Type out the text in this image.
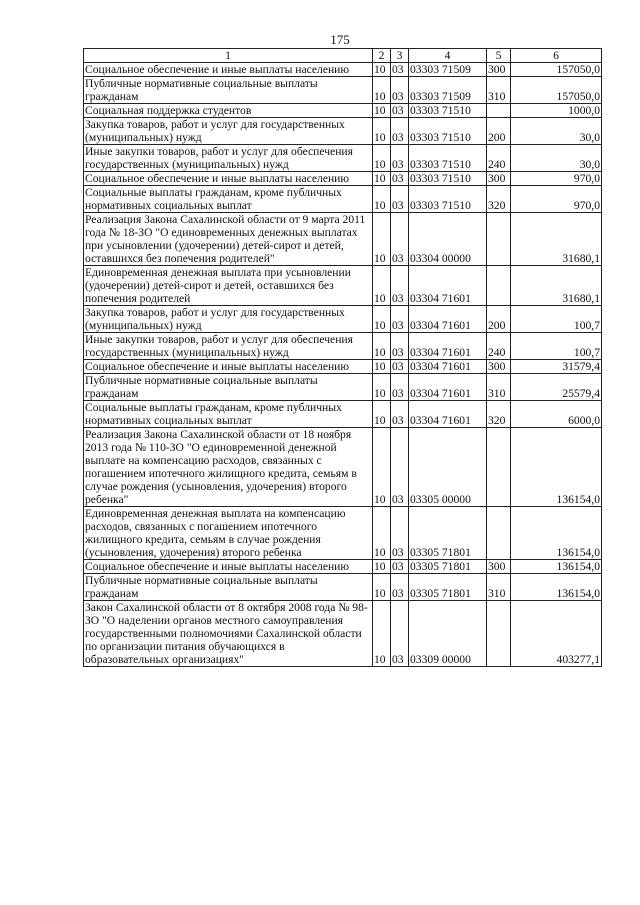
175
1	2	3	4	5	6
Социальное обеспечение и иные выплаты населению	10	03	03303 71509	300	157050,0
Публичные нормативные социальные выплаты гражданам	10	03	03303 71509	310	157050,0
Социальная поддержка студентов	10	03	03303 71510		1000,0
Закупка товаров, работ и услуг для государственных (муниципальных) нужд	10	03	03303 71510	200	30,0
Иные закупки товаров, работ и услуг для обеспечения государственных (муниципальных) нужд	10	03	03303 71510	240	30,0
Социальное обеспечение и иные выплаты населению	10	03	03303 71510	300	970,0
Социальные выплаты гражданам, кроме публичных нормативных социальных выплат	10	03	03303 71510	320	970,0
Реализация Закона Сахалинской области от 9 марта 2011 года № 18-ЗО "О единовременных денежных выплатах при усыновлении (удочерении) детей-сирот и детей, оставшихся без попечения родителей"	10	03	03304 00000		31680,1
Единовременная денежная выплата при усыновлении (удочерении) детей-сирот и детей, оставшихся без попечения родителей	10	03	03304 71601		31680,1
Закупка товаров, работ и услуг для государственных (муниципальных) нужд	10	03	03304 71601	200	100,7
Иные закупки товаров, работ и услуг для обеспечения государственных (муниципальных) нужд	10	03	03304 71601	240	100,7
Социальное обеспечение и иные выплаты населению	10	03	03304 71601	300	31579,4
Публичные нормативные социальные выплаты гражданам	10	03	03304 71601	310	25579,4
Социальные выплаты гражданам, кроме публичных нормативных социальных выплат	10	03	03304 71601	320	6000,0
Реализация Закона Сахалинской области от 18 ноября 2013 года № 110-ЗО "О единовременной денежной выплате на компенсацию расходов, связанных с погашением ипотечного жилищного кредита, семьям в случае рождения (усыновления, удочерения) второго ребенка"	10	03	03305 00000		136154,0
Единовременная денежная выплата на компенсацию расходов, связанных с погашением ипотечного жилищного кредита, семьям в случае рождения (усыновления, удочерения) второго ребенка	10	03	03305 71801		136154,0
Социальное обеспечение и иные выплаты населению	10	03	03305 71801	300	136154,0
Публичные нормативные социальные выплаты гражданам	10	03	03305 71801	310	136154,0
Закон Сахалинской области от 8 октября 2008 года № 98-ЗО "О наделении органов местного самоуправления государственными полномочиями Сахалинской области по организации питания обучающихся в образовательных организациях"	10	03	03309 00000		403277,1
